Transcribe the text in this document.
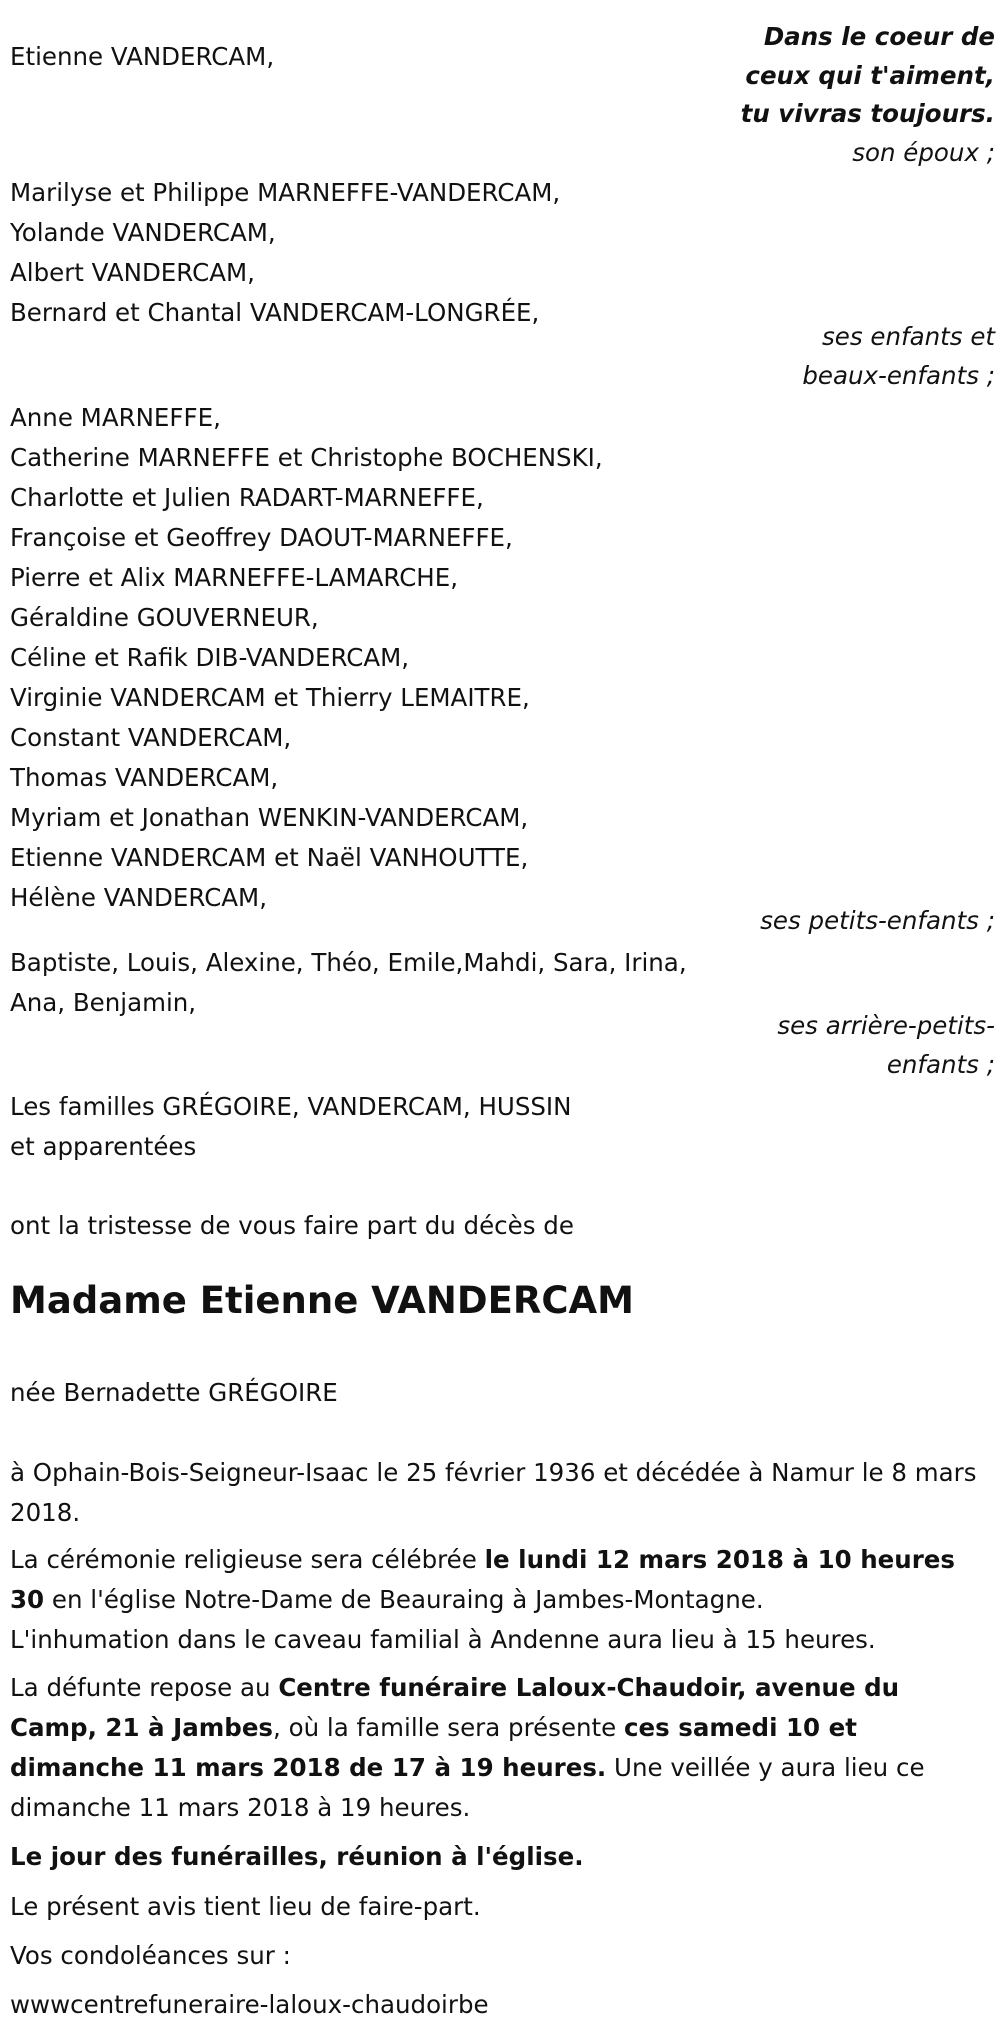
Dans le coeur de
ceux qui t'aiment,
tu vivras toujours.
Etienne VANDERCAM,
son époux ;
Marilyse et Philippe MARNEFFE-VANDERCAM,
Yolande VANDERCAM,
Albert VANDERCAM,
Bernard et Chantal VANDERCAM-LONGRÉE,
ses enfants et
beaux-enfants ;
Anne MARNEFFE,
Catherine MARNEFFE et Christophe BOCHENSKI,
Charlotte et Julien RADART-MARNEFFE,
Françoise et Geoffrey DAOUT-MARNEFFE,
Pierre et Alix MARNEFFE-LAMARCHE,
Géraldine GOUVERNEUR,
Céline et Rafik DIB-VANDERCAM,
Virginie VANDERCAM et Thierry LEMAITRE,
Constant VANDERCAM,
Thomas VANDERCAM,
Myriam et Jonathan WENKIN-VANDERCAM,
Etienne VANDERCAM et Naël VANHOUTTE,
Hélène VANDERCAM,
ses petits-enfants ;
Baptiste, Louis, Alexine, Théo, Emile,Mahdi, Sara, Irina,
Ana, Benjamin,
ses arrière-petits-
enfants ;
Les familles GRÉGOIRE, VANDERCAM, HUSSIN
et apparentées
ont la tristesse de vous faire part du décès de
Madame Etienne VANDERCAM
née Bernadette GRÉGOIRE
à Ophain-Bois-Seigneur-Isaac le 25 février 1936 et décédée à Namur le 8 mars 2018.
La cérémonie religieuse sera célébrée le lundi 12 mars 2018 à 10 heures 30 en l'église Notre-Dame de Beauraing à Jambes-Montagne.
L'inhumation dans le caveau familial à Andenne aura lieu à 15 heures.
La défunte repose au Centre funéraire Laloux-Chaudoir, avenue du Camp, 21 à Jambes, où la famille sera présente ces samedi 10 et dimanche 11 mars 2018 de 17 à 19 heures. Une veillée y aura lieu ce dimanche 11 mars 2018 à 19 heures.
Le jour des funérailles, réunion à l'église.
Le présent avis tient lieu de faire-part.
Vos condoléances sur :
wwwcentrefuneraire-laloux-chaudoirbe
